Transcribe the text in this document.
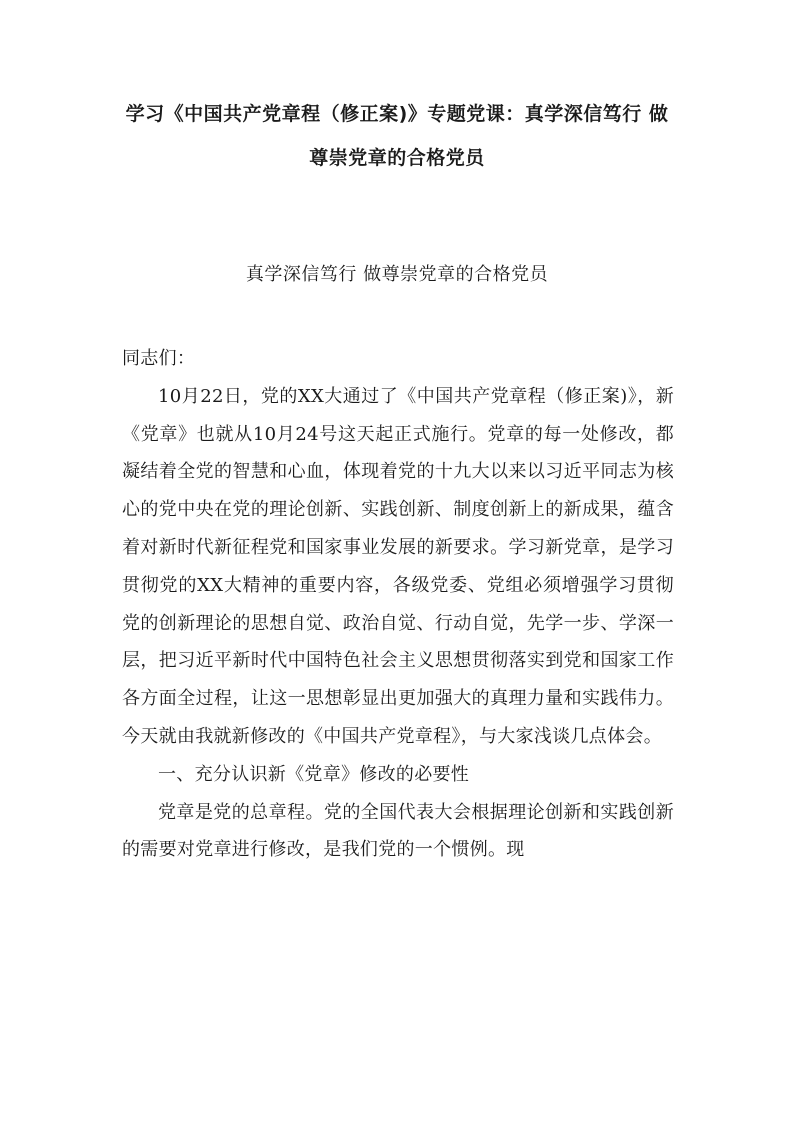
学习《中国共产党章程（修正案)》专题党课：真学深信笃行 做尊崇党章的合格党员
真学深信笃行 做尊崇党章的合格党员

同志们：

10月22日，党的XX大通过了《中国共产党章程（修正案)》，新《党章》也就从10月24号这天起正式施行。党章的每一处修改，都凝结着全党的智慧和心血，体现着党的十九大以来以习近平同志为核心的党中央在党的理论创新、实践创新、制度创新上的新成果，蕴含着对新时代新征程党和国家事业发展的新要求。学习新党章，是学习贯彻党的XX大精神的重要内容，各级党委、党组必须增强学习贯彻党的创新理论的思想自觉、政治自觉、行动自觉，先学一步、学深一层，把习近平新时代中国特色社会主义思想贯彻落实到党和国家工作各方面全过程，让这一思想彰显出更加强大的真理力量和实践伟力。今天就由我就新修改的《中国共产党章程》，与大家浅谈几点体会。

一、充分认识新《党章》修改的必要性

党章是党的总章程。党的全国代表大会根据理论创新和实践创新的需要对党章进行修改，是我们党的一个惯例。现
